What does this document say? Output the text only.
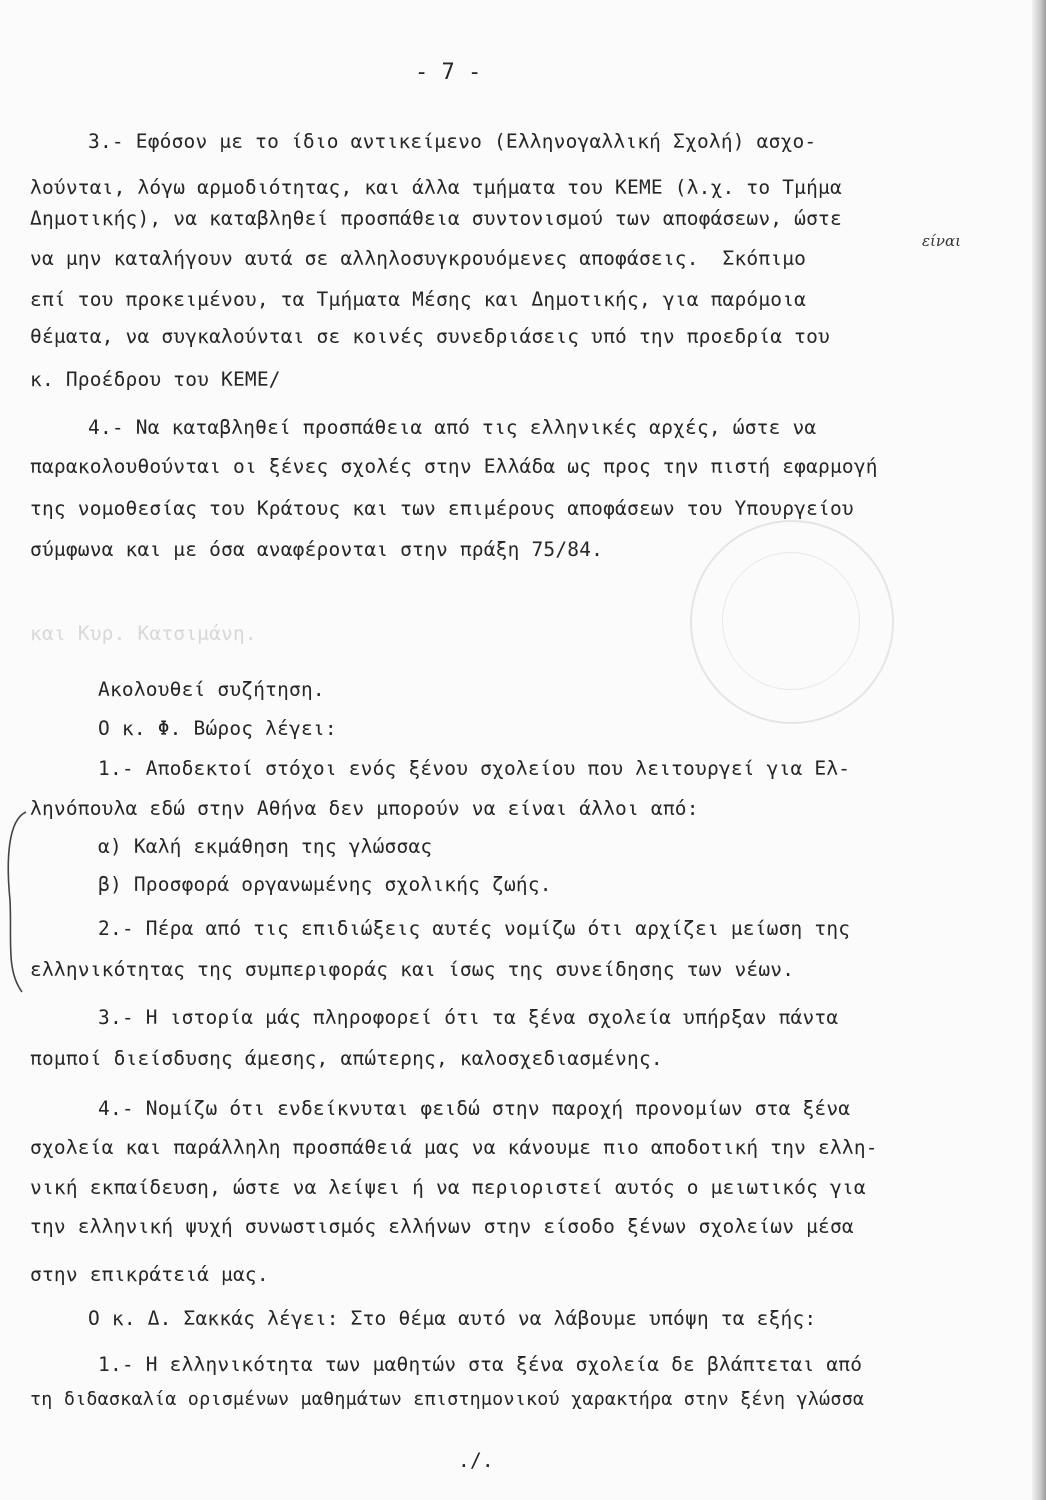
- 7 -
3.- Εφόσον με το ίδιο αντικείμενο (Ελληνογαλλική Σχολή) ασχο-
λούνται, λόγω αρμοδιότητας, και άλλα τμήματα του ΚΕΜΕ (λ.χ. το Τμήμα
Δημοτικής), να καταβληθεί προσπάθεια συντονισμού των αποφάσεων, ώστε
να μην καταλήγουν αυτά σε αλληλοσυγκρουόμενες αποφάσεις.  Σκόπιμο
είναι
επί του προκειμένου, τα Τμήματα Μέσης και Δημοτικής, για παρόμοια
θέματα, να συγκαλούνται σε κοινές συνεδριάσεις υπό την προεδρία του
κ. Προέδρου του ΚΕΜΕ/
4.- Να καταβληθεί προσπάθεια από τις ελληνικές αρχές, ώστε να
παρακολουθούνται οι ξένες σχολές στην Ελλάδα ως προς την πιστή εφαρμογή
της νομοθεσίας του Κράτους και των επιμέρους αποφάσεων του Υπουργείου
σύμφωνα και με όσα αναφέρονται στην πράξη 75/84.
και Κυρ. Κατσιμάνη.
Ακολουθεί συζήτηση.
Ο κ. Φ. Βώρος λέγει:
1.- Αποδεκτοί στόχοι ενός ξένου σχολείου που λειτουργεί για Ελ-
ληνόπουλα εδώ στην Αθήνα δεν μπορούν να είναι άλλοι από:
α) Καλή εκμάθηση της γλώσσας
β) Προσφορά οργανωμένης σχολικής ζωής.
2.- Πέρα από τις επιδιώξεις αυτές νομίζω ότι αρχίζει μείωση της
ελληνικότητας της συμπεριφοράς και ίσως της συνείδησης των νέων.
3.- Η ιστορία μάς πληροφορεί ότι τα ξένα σχολεία υπήρξαν πάντα
πομποί διείσδυσης άμεσης, απώτερης, καλοσχεδιασμένης.
4.- Νομίζω ότι ενδείκνυται φειδώ στην παροχή προνομίων στα ξένα
σχολεία και παράλληλη προσπάθειά μας να κάνουμε πιο αποδοτική την ελλη-
νική εκπαίδευση, ώστε να λείψει ή να περιοριστεί αυτός ο μειωτικός για
την ελληνική ψυχή συνωστισμός ελλήνων στην είσοδο ξένων σχολείων μέσα
στην επικράτειά μας.
Ο κ. Δ. Σακκάς λέγει: Στο θέμα αυτό να λάβουμε υπόψη τα εξής:
1.- Η ελληνικότητα των μαθητών στα ξένα σχολεία δε βλάπτεται από
τη διδασκαλία ορισμένων μαθημάτων επιστημονικού χαρακτήρα στην ξένη γλώσσα
./.
